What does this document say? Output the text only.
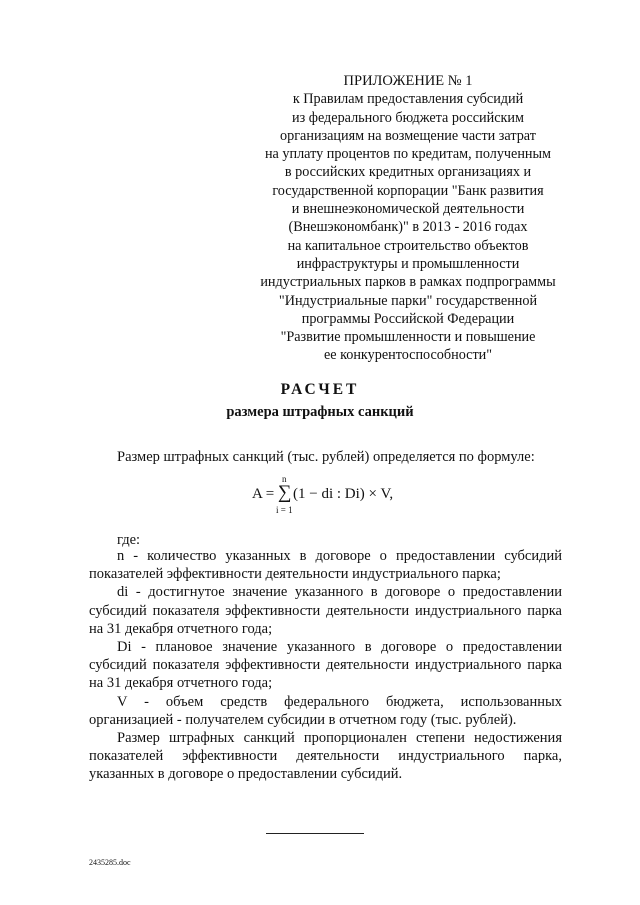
ПРИЛОЖЕНИЕ № 1
к Правилам предоставления субсидий
из федерального бюджета российским
организациям на возмещение части затрат
на уплату процентов по кредитам, полученным
в российских кредитных организациях и
государственной корпорации "Банк развития
и внешнеэкономической деятельности
(Внешэкономбанк)" в 2013 - 2016 годах
на капитальное строительство объектов
инфраструктуры и промышленности
индустриальных парков в рамках подпрограммы
"Индустриальные парки" государственной
программы Российской Федерации
"Развитие промышленности и повышение
ее конкурентоспособности"
РАСЧЕТ
размера штрафных санкций
Размер штрафных санкций (тыс. рублей) определяется по формуле:
A =
n
∑
i = 1
(1 − di : Di) × V,
где:

n - количество указанных в договоре о предоставлении субсидий показателей эффективности деятельности индустриального парка;

di - достигнутое значение указанного в договоре о предоставлении субсидий показателя эффективности деятельности индустриального парка на 31 декабря отчетного года;

Di - плановое значение указанного в договоре о предоставлении субсидий показателя эффективности деятельности индустриального парка на 31 декабря отчетного года;

V - объем средств федерального бюджета, использованных организацией - получателем субсидии в отчетном году (тыс. рублей).

Размер штрафных санкций пропорционален степени недостижения показателей эффективности деятельности индустриального парка, указанных в договоре о предоставлении субсидий.

2435285.doc
